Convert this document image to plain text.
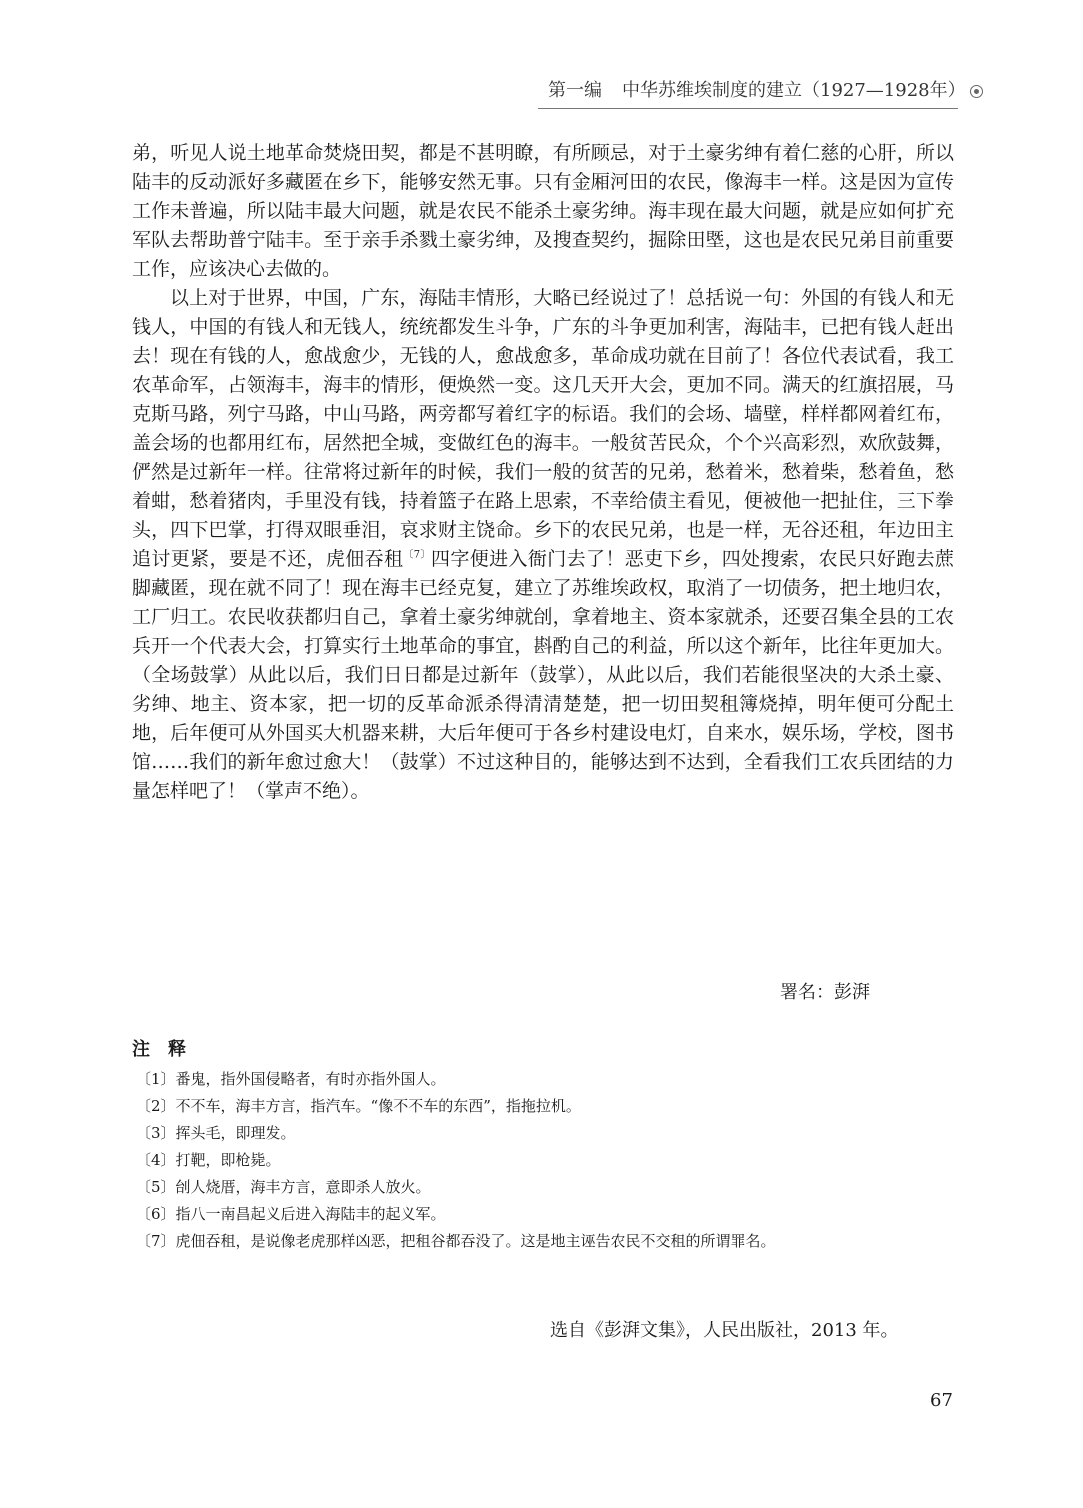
第一编 中华苏维埃制度的建立（1927—1928年）

弟，听见人说土地革命焚烧田契，都是不甚明瞭，有所顾忌，对于土豪劣绅有着仁慈的心肝，所以陆丰的反动派好多藏匿在乡下，能够安然无事。只有金厢河田的农民，像海丰一样。这是因为宣传工作未普遍，所以陆丰最大问题，就是农民不能杀土豪劣绅。海丰现在最大问题，就是应如何扩充军队去帮助普宁陆丰。至于亲手杀戮土豪劣绅，及搜查契约，掘除田塈，这也是农民兄弟目前重要工作，应该决心去做的。

以上对于世界，中国，广东，海陆丰情形，大略已经说过了！总括说一句：外国的有钱人和无钱人，中国的有钱人和无钱人，统统都发生斗争，广东的斗争更加利害，海陆丰，已把有钱人赶出去！现在有钱的人，愈战愈少，无钱的人，愈战愈多，革命成功就在目前了！各位代表试看，我工农革命军，占领海丰，海丰的情形，便焕然一变。这几天开大会，更加不同。满天的红旗招展，马克斯马路，列宁马路，中山马路，两旁都写着红字的标语。我们的会场、墙壁，样样都网着红布，盖会场的也都用红布，居然把全城，变做红色的海丰。一般贫苦民众，个个兴高彩烈，欢欣鼓舞，俨然是过新年一样。往常将过新年的时候，我们一般的贫苦的兄弟，愁着米，愁着柴，愁着鱼，愁着蚶，愁着猪肉，手里没有钱，持着篮子在路上思索，不幸给债主看见，便被他一把扯住，三下拳头，四下巴掌，打得双眼垂泪，哀求财主饶命。乡下的农民兄弟，也是一样，无谷还租，年边田主追讨更紧，要是不还，虎佃吞租$^{〔7〕}$四字便进入衙门去了！恶吏下乡，四处搜索，农民只好跑去蔗脚藏匿，现在就不同了！现在海丰已经克复，建立了苏维埃政权，取消了一切债务，把土地归农，工厂归工。农民收获都归自己，拿着土豪劣绅就刣，拿着地主、资本家就杀，还要召集全县的工农兵开一个代表大会，打算实行土地革命的事宜，斟酌自己的利益，所以这个新年，比往年更加大。（全场鼓掌）从此以后，我们日日都是过新年（鼓掌），从此以后，我们若能很坚决的大杀土豪、劣绅、地主、资本家，把一切的反革命派杀得清清楚楚，把一切田契租簿烧掉，明年便可分配土地，后年便可从外国买大机器来耕，大后年便可于各乡村建设电灯，自来水，娱乐场，学校，图书馆……我们的新年愈过愈大！（鼓掌）不过这种目的，能够达到不达到，全看我们工农兵团结的力量怎样吧了！（掌声不绝）。

署名：彭湃
注释
〔1〕番鬼，指外国侵略者，有时亦指外国人。
〔2〕不不车，海丰方言，指汽车。“像不不车的东西”，指拖拉机。
〔3〕挥头毛，即理发。
〔4〕打靶，即枪毙。
〔5〕刣人烧厝，海丰方言，意即杀人放火。
〔6〕指八一南昌起义后进入海陆丰的起义军。
〔7〕虎佃吞租，是说像老虎那样凶恶，把租谷都吞没了。这是地主诬告农民不交租的所谓罪名。
选自《彭湃文集》，人民出版社，2013 年。
67
